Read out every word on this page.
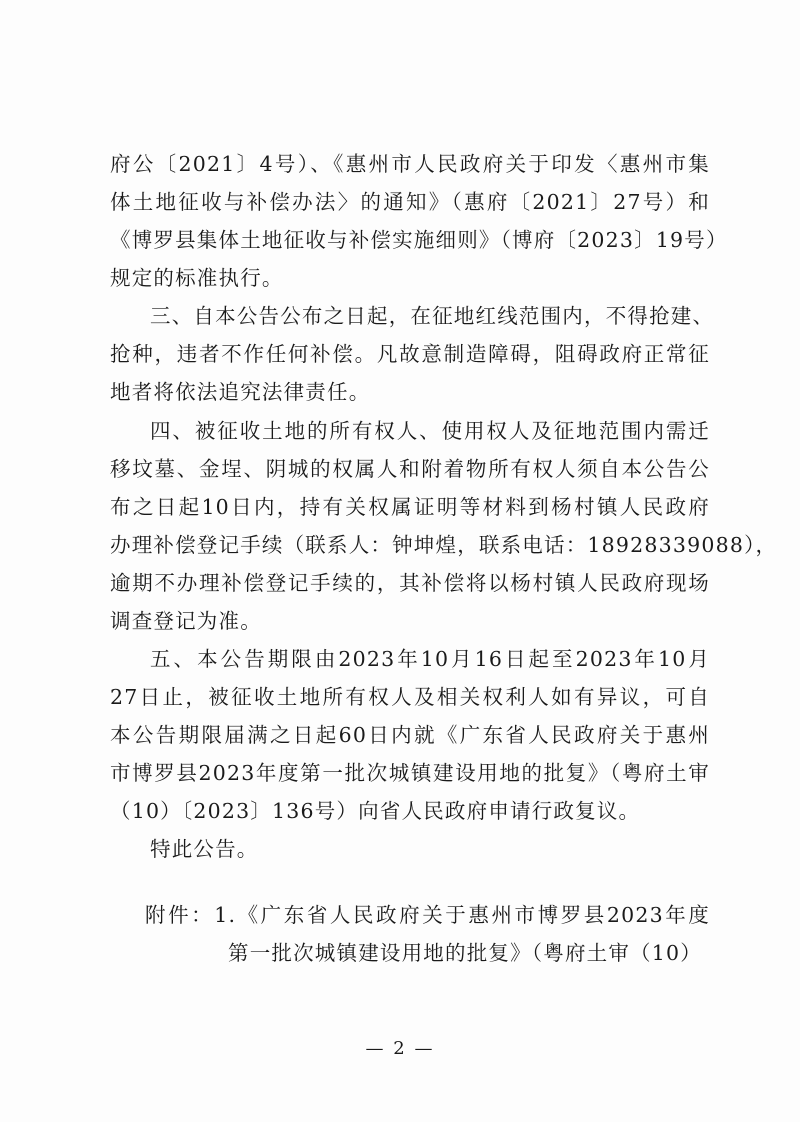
府公〔2021〕4号）、《惠州市人民政府关于印发〈惠州市集
体土地征收与补偿办法〉的通知》（惠府〔2021〕27号）和
《博罗县集体土地征收与补偿实施细则》（博府〔2023〕19号）
规定的标准执行。
三、自本公告公布之日起，在征地红线范围内，不得抢建、
抢种，违者不作任何补偿。凡故意制造障碍，阻碍政府正常征
地者将依法追究法律责任。
四、被征收土地的所有权人、使用权人及征地范围内需迁
移坟墓、金埕、阴城的权属人和附着物所有权人须自本公告公
布之日起10日内，持有关权属证明等材料到杨村镇人民政府
办理补偿登记手续（联系人：钟坤煌，联系电话：18928339088），
逾期不办理补偿登记手续的，其补偿将以杨村镇人民政府现场
调查登记为准。
五、本公告期限由2023年10月16日起至2023年10月
27日止，被征收土地所有权人及相关权利人如有异议，可自
本公告期限届满之日起60日内就《广东省人民政府关于惠州
市博罗县2023年度第一批次城镇建设用地的批复》（粤府土审
（10）〔2023〕136号）向省人民政府申请行政复议。
特此公告。
附件：1.《广东省人民政府关于惠州市博罗县2023年度
第一批次城镇建设用地的批复》（粤府土审（10）
— 2 —
